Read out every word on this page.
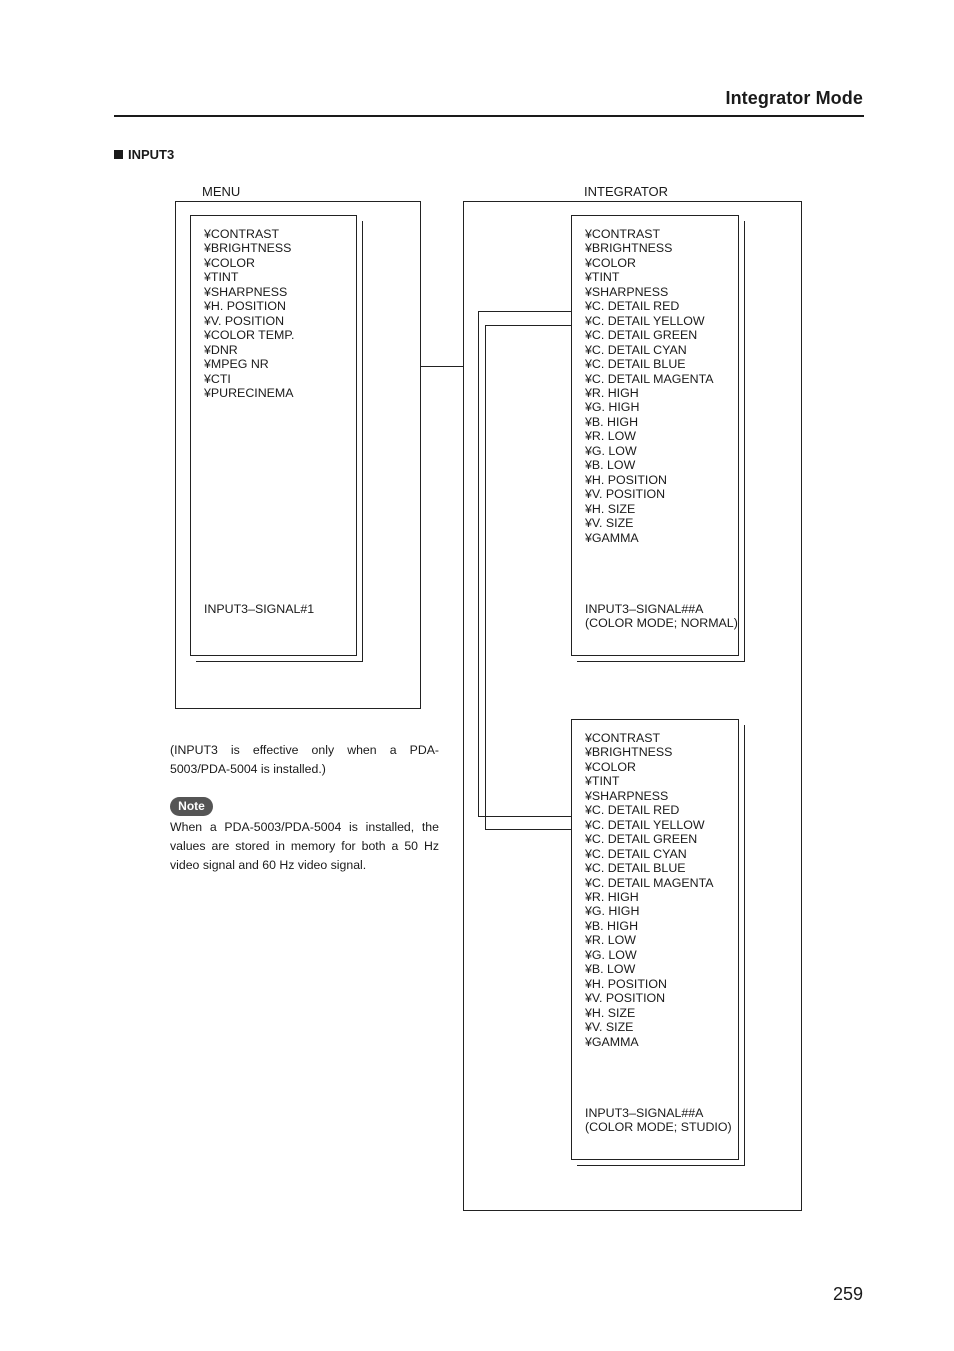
Integrator Mode
INPUT3
MENU	INTEGRATOR
¥CONTRAST
¥BRIGHTNESS
¥COLOR
¥TINT
¥SHARPNESS
¥H. POSITION
¥V. POSITION
¥COLOR TEMP.
¥DNR
¥MPEG NR
¥CTI
¥PURECINEMA
INPUT3–SIGNAL#1
¥CONTRAST
¥BRIGHTNESS
¥COLOR
¥TINT
¥SHARPNESS
¥C. DETAIL RED
¥C. DETAIL YELLOW
¥C. DETAIL GREEN
¥C. DETAIL CYAN
¥C. DETAIL BLUE
¥C. DETAIL MAGENTA
¥R. HIGH
¥G. HIGH
¥B. HIGH
¥R. LOW
¥G. LOW
¥B. LOW
¥H. POSITION
¥V. POSITION
¥H. SIZE
¥V. SIZE
¥GAMMA
INPUT3–SIGNAL##A
(COLOR MODE; NORMAL)
¥CONTRAST
¥BRIGHTNESS
¥COLOR
¥TINT
¥SHARPNESS
¥C. DETAIL RED
¥C. DETAIL YELLOW
¥C. DETAIL GREEN
¥C. DETAIL CYAN
¥C. DETAIL BLUE
¥C. DETAIL MAGENTA
¥R. HIGH
¥G. HIGH
¥B. HIGH
¥R. LOW
¥G. LOW
¥B. LOW
¥H. POSITION
¥V. POSITION
¥H. SIZE
¥V. SIZE
¥GAMMA
INPUT3–SIGNAL##A
(COLOR MODE; STUDIO)
(INPUT3 is effective only when a PDA-5003/PDA-5004 is installed.)
Note
When a PDA-5003/PDA-5004 is installed, the values are stored in memory for both a 50 Hz video signal and 60 Hz video signal.
259
